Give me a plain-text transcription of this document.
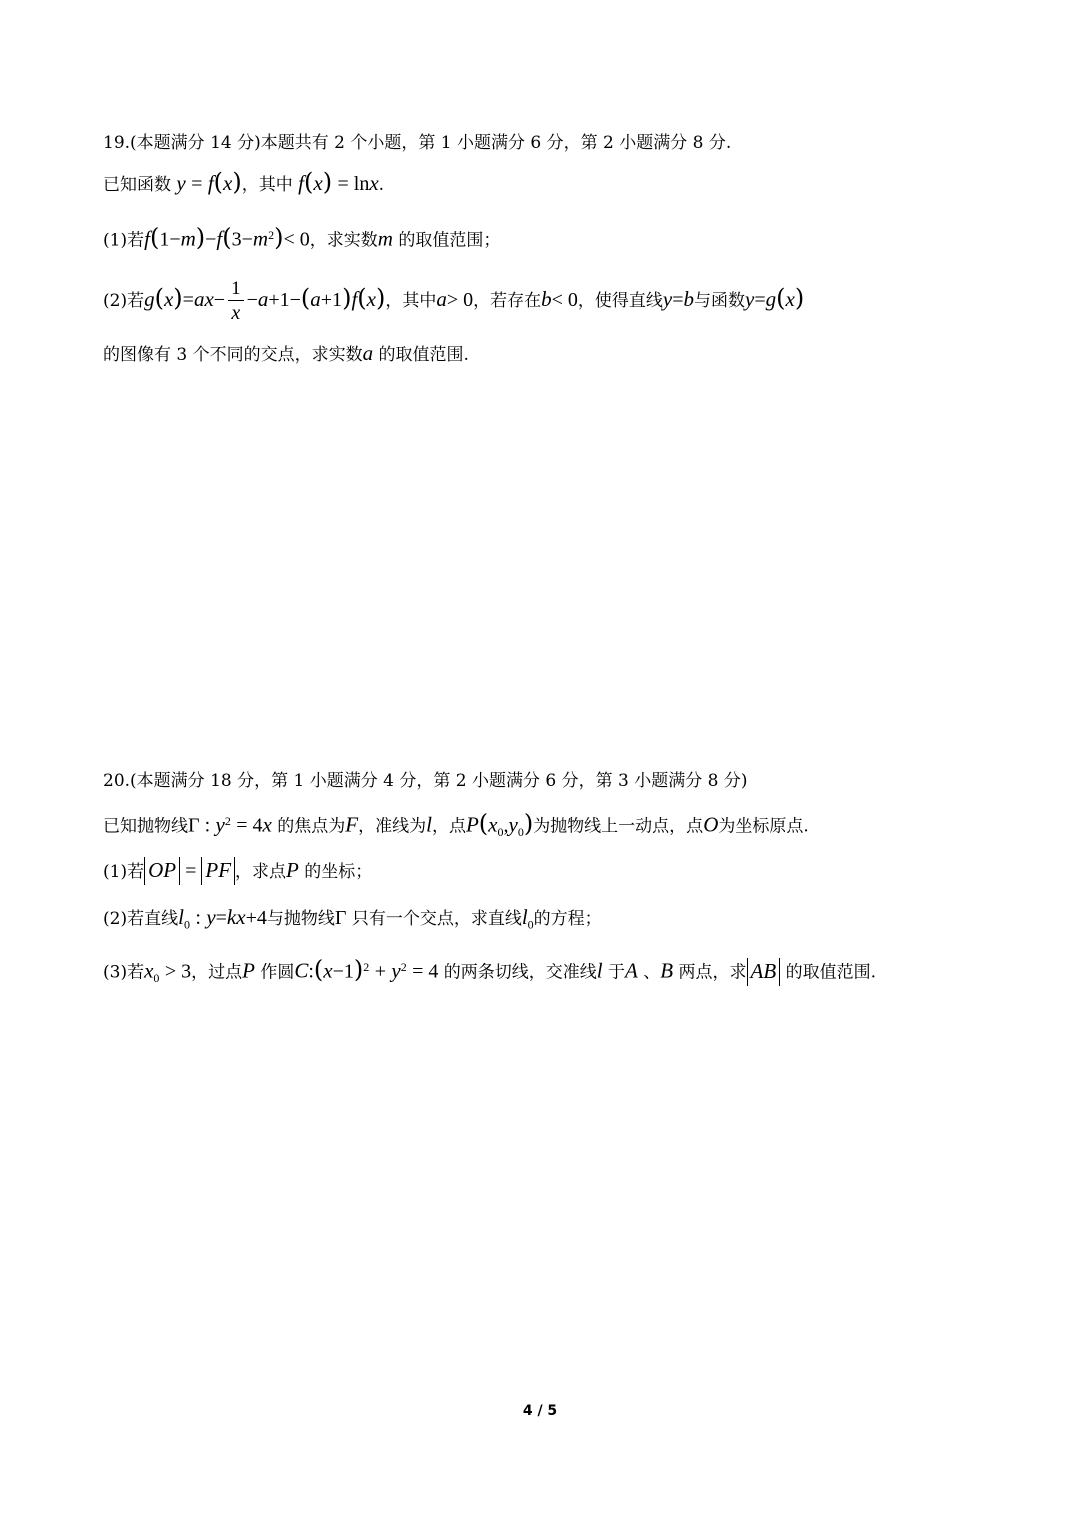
19.(本题满分 14 分)本题共有 2 个小题，第 1 小题满分 6 分，第 2 小题满分 8 分.
已知函数 y = f(x)，其中 f(x) = lnx.
(1)若$f(1-m)-f(3-m^2)< 0$，求实数m 的取值范围；
(2)若$g(x)=ax- \frac{1}{x} -a+1-(a+1)f(x)$，其中a> 0，若存在b< 0，使得直线y=b与函数y=g(x)
的图像有 3 个不同的交点，求实数a 的取值范围.
20.(本题满分 18 分，第 1 小题满分 4 分，第 2 小题满分 6 分，第 3 小题满分 8 分)
已知抛物线Γ : $y^2 = 4x$ 的焦点为F，准线为l，点$P(x_0,y_0)$为抛物线上一动点，点O为坐标原点.
(1)若 OP = PF ，求点P 的坐标；
(2)若直线$l_0$ : y=kx+4与抛物线Γ 只有一个交点，求直线$l_0$的方程；
(3)若$x_0 > 3$，过点P 作圆$C:(x-1)^2 + y^2 = 4$ 的两条切线，交准线l 于A 、B 两点，求 AB 的取值范围.
4 / 5
